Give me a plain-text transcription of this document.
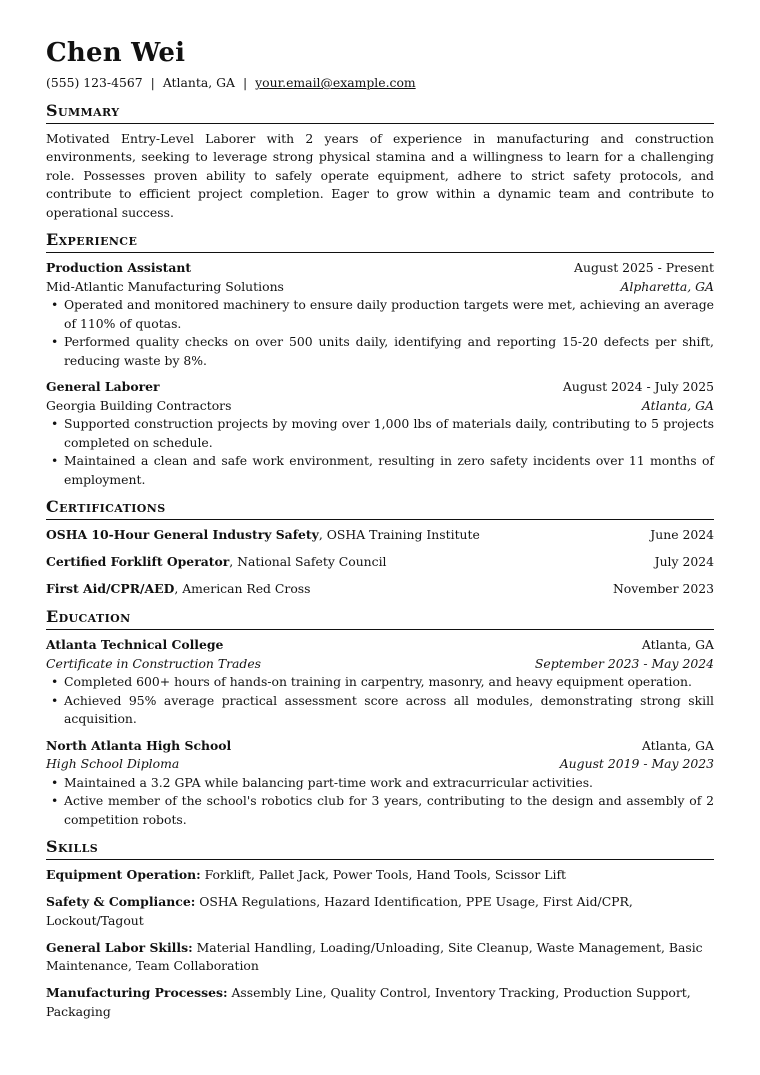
Chen Wei
(555) 123-4567 | Atlanta, GA | your.email@example.com
Summary

Motivated Entry-Level Laborer with 2 years of experience in manufacturing and construction environments, seeking to leverage strong physical stamina and a willingness to learn for a challenging role. Possesses proven ability to safely operate equipment, adhere to strict safety protocols, and contribute to efficient project completion. Eager to grow within a dynamic team and contribute to operational success.

Experience
Production Assistant	August 2025 - Present
Mid-Atlantic Manufacturing Solutions	Alpharetta, GA
• Operated and monitored machinery to ensure daily production targets were met, achieving an average of 110% of quotas.
• Performed quality checks on over 500 units daily, identifying and reporting 15-20 defects per shift, reducing waste by 8%.
General Laborer	August 2024 - July 2025
Georgia Building Contractors	Atlanta, GA
• Supported construction projects by moving over 1,000 lbs of materials daily, contributing to 5 projects completed on schedule.
• Maintained a clean and safe work environment, resulting in zero safety incidents over 11 months of employment.
Certifications
OSHA 10-Hour General Industry Safety, OSHA Training Institute	June 2024
Certified Forklift Operator, National Safety Council	July 2024
First Aid/CPR/AED, American Red Cross	November 2023
Education
Atlanta Technical College	Atlanta, GA
Certificate in Construction Trades	September 2023 - May 2024
• Completed 600+ hours of hands-on training in carpentry, masonry, and heavy equipment operation.
• Achieved 95% average practical assessment score across all modules, demonstrating strong skill acquisition.
North Atlanta High School	Atlanta, GA
High School Diploma	August 2019 - May 2023
• Maintained a 3.2 GPA while balancing part-time work and extracurricular activities.
• Active member of the school's robotics club for 3 years, contributing to the design and assembly of 2 competition robots.
Skills
Equipment Operation: Forklift, Pallet Jack, Power Tools, Hand Tools, Scissor Lift
Safety & Compliance: OSHA Regulations, Hazard Identification, PPE Usage, First Aid/CPR, Lockout/Tagout
General Labor Skills: Material Handling, Loading/Unloading, Site Cleanup, Waste Management, Basic Maintenance, Team Collaboration
Manufacturing Processes: Assembly Line, Quality Control, Inventory Tracking, Production Support, Packaging
